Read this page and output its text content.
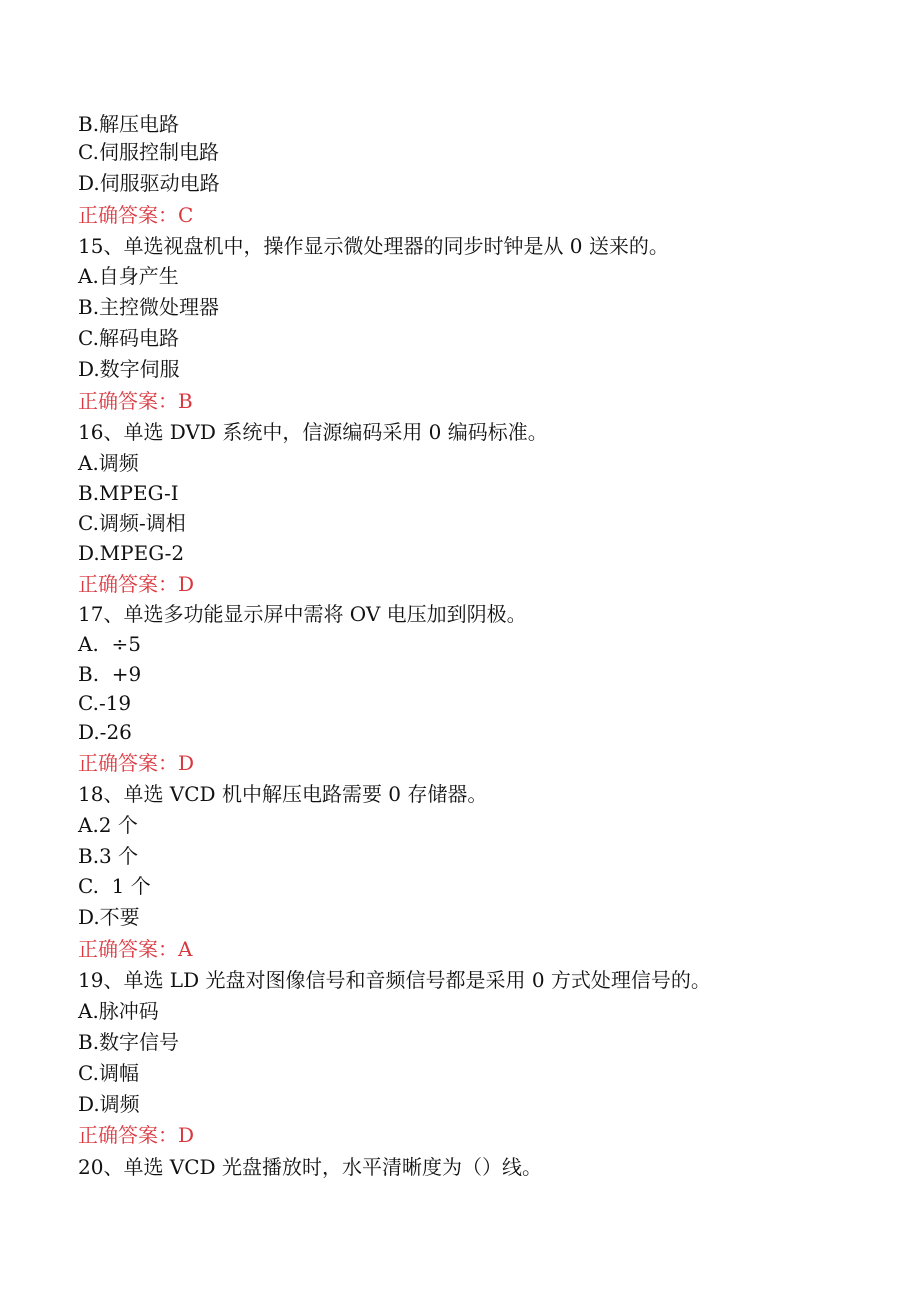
B.解压电路
C.伺服控制电路
D.伺服驱动电路
正确答案：C
15、单选视盘机中，操作显示微处理器的同步时钟是从 0 送来的。
A.自身产生
B.主控微处理器
C.解码电路
D.数字伺服
正确答案：B
16、单选 DVD 系统中，信源编码采用 0 编码标准。
A.调频
B.MPEG-I
C.调频-调相
D.MPEG-2
正确答案：D
17、单选多功能显示屏中需将 OV 电压加到阴极。
A.  ÷5
B.  +9
C.-19
D.-26
正确答案：D
18、单选 VCD 机中解压电路需要 0 存储器。
A.2 个
B.3 个
C.  1 个
D.不要
正确答案：A
19、单选 LD 光盘对图像信号和音频信号都是采用 0 方式处理信号的。
A.脉冲码
B.数字信号
C.调幅
D.调频
正确答案：D
20、单选 VCD 光盘播放时，水平清晰度为（）线。
